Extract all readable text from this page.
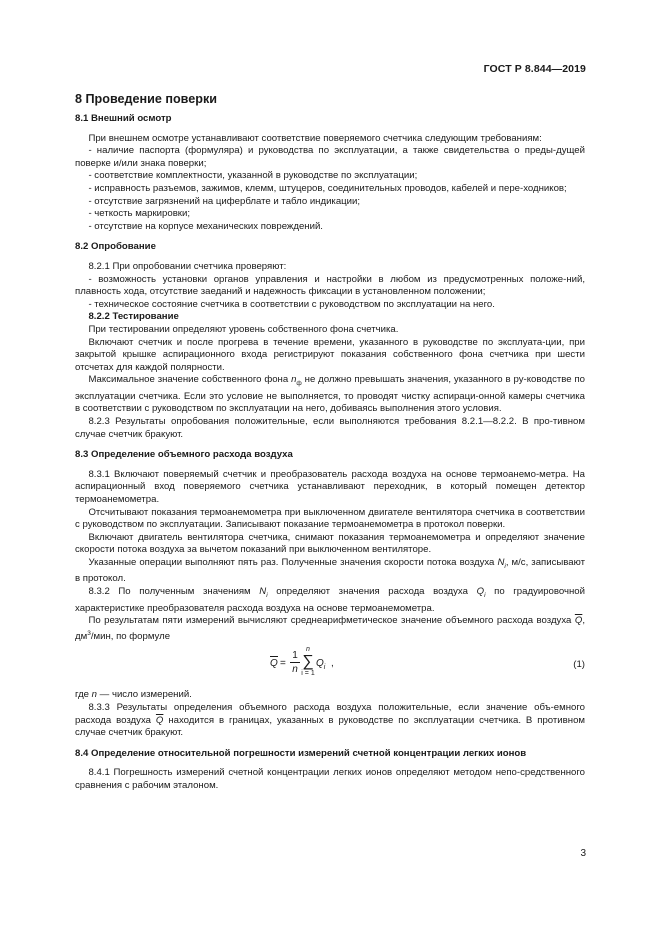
ГОСТ Р 8.844—2019

8 Проведение поверки

8.1 Внешний осмотр

При внешнем осмотре устанавливают соответствие поверяемого счетчика следующим требованиям:

- наличие паспорта (формуляра) и руководства по эксплуатации, а также свидетельства о преды-дущей поверке и/или знака поверки;

- соответствие комплектности, указанной в руководстве по эксплуатации;

- исправность разъемов, зажимов, клемм, штуцеров, соединительных проводов, кабелей и пере-ходников;

- отсутствие загрязнений на циферблате и табло индикации;

- четкость маркировки;

- отсутствие на корпусе механических повреждений.

8.2 Опробование

8.2.1 При опробовании счетчика проверяют:

- возможность установки органов управления и настройки в любом из предусмотренных положе-ний, плавность хода, отсутствие заеданий и надежность фиксации в установленном положении;

- техническое состояние счетчика в соответствии с руководством по эксплуатации на него.

8.2.2 Тестирование

При тестировании определяют уровень собственного фона счетчика.

Включают счетчик и после прогрева в течение времени, указанного в руководстве по эксплуата-ции, при закрытой крышке аспирационного входа регистрируют показания собственного фона счетчика при шести отсчетах для каждой полярности.

Максимальное значение собственного фона $n_ф$ не должно превышать значения, указанного в ру-ководстве по эксплуатации счетчика. Если это условие не выполняется, то проводят чистку аспираци-онной камеры счетчика в соответствии с руководством по эксплуатации на него, добиваясь выполнения этого условия.

8.2.3 Результаты опробования положительные, если выполняются требования 8.2.1—8.2.2. В про-тивном случае счетчик бракуют.

8.3 Определение объемного расхода воздуха

8.3.1 Включают поверяемый счетчик и преобразователь расхода воздуха на основе термоанемо-метра. На аспирационный вход поверяемого счетчика устанавливают переходник, в который помещен детектор термоанемометра.

Отсчитывают показания термоанемометра при выключенном двигателе вентилятора счетчика в соответствии с руководством по эксплуатации. Записывают показание термоанемометра в протокол поверки.

Включают двигатель вентилятора счетчика, снимают показания термоанемометра и определяют значение скорости потока воздуха за вычетом показаний при выключенном вентиляторе.

Указанные операции выполняют пять раз. Полученные значения скорости потока воздуха $N_i$, м/с, записывают в протокол.

8.3.2 По полученным значениям $N_i$ определяют значения расхода воздуха $Q_i$ по градуировочной характеристике преобразователя расхода воздуха на основе термоанемометра.

По результатам пяти измерений вычисляют среднеарифметическое значение объемного расхода воздуха $\overline{Q}$, $дм^3$/мин, по формуле

Q =
1
n
n
∑
i = 1
$Q_i$ ,	(1)

где n — число измерений.

8.3.3 Результаты определения объемного расхода воздуха положительные, если значение объ-емного расхода воздуха $\overline{Q}$ находится в границах, указанных в руководстве по эксплуатации счетчика. В противном случае счетчик бракуют.

8.4 Определение относительной погрешности измерений счетной концентрации легких ионов

8.4.1 Погрешность измерений счетной концентрации легких ионов определяют методом непо-средственного сравнения с рабочим эталоном.

3
